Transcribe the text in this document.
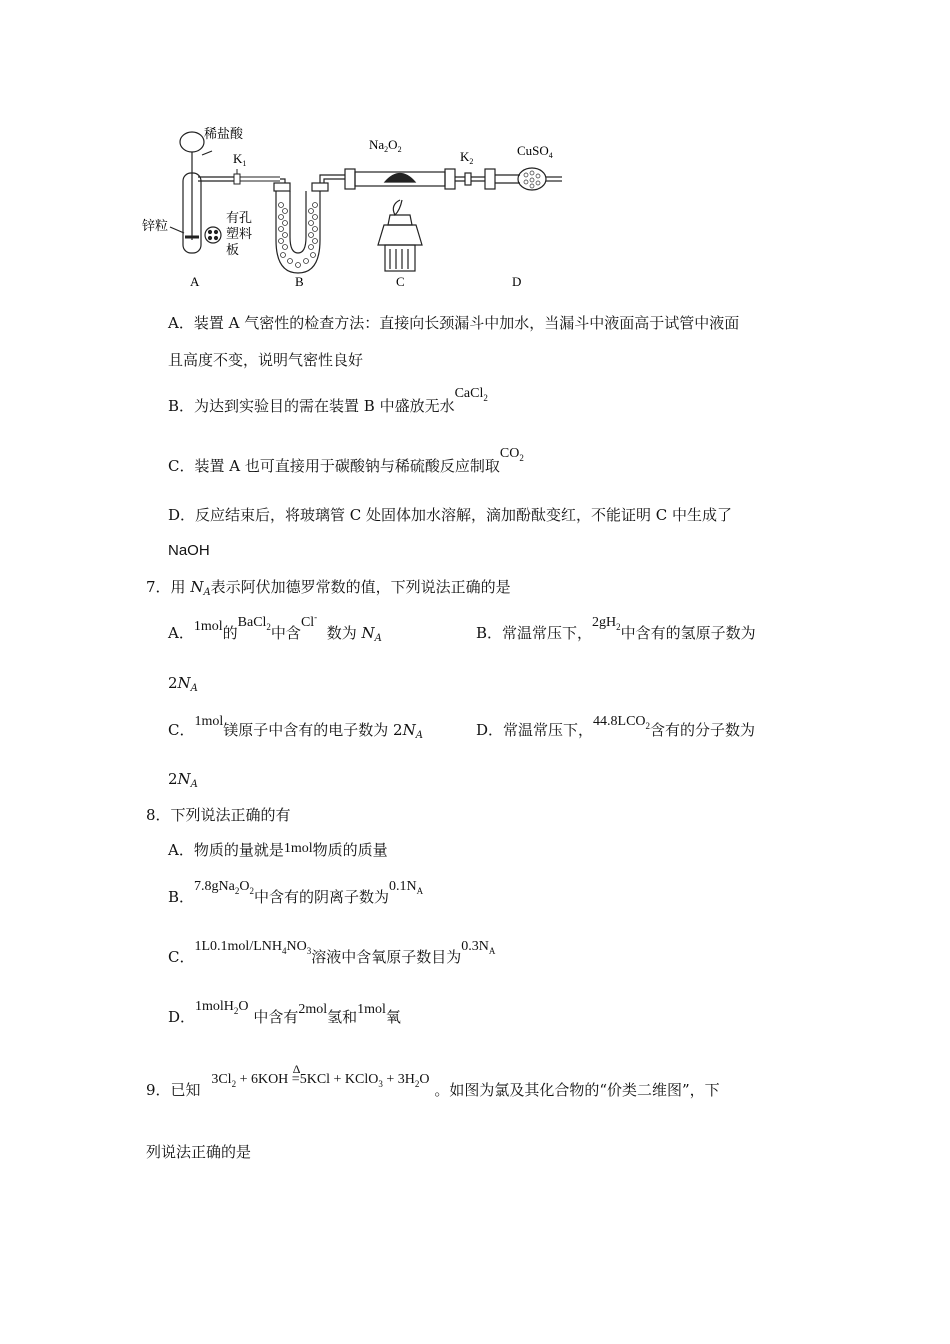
稀盐酸
$K_1$
锌粒
有孔
塑料
板
$Na_2O_2$	$K_2$
CuSO$_4$
A	B	C	D
A．装置 A 气密性的检查方法：直接向长颈漏斗中加水，当漏斗中液面高于试管中液面
且高度不变，说明气密性良好
B．为达到实验目的需在装置 B 中盛放无水CaCl$_2$
C．装置 A 也可直接用于碳酸钠与稀硫酸反应制取$CO_2$
D．反应结束后，将玻璃管 C 处固体加水溶解，滴加酚酞变红，不能证明 C 中生成了
NaOH
7．用 $N_A$表示阿伏加德罗常数的值，下列说法正确的是
A．1mol的BaCl$_2$中含Cl-  数为 $N_A$	B．常温常压下，$2gH_2$中含有的氢原子数为
$2N_A$
C．1mol镁原子中含有的电子数为 $2N_A$	D．常温常压下，$44.8LCO_2$含有的分子数为
$2N_A$
8．下列说法正确的有
A．物质的量就是1mol物质的质量
B．$7.8gNa_2O_2$中含有的阴离子数为$0.1N_A$
C．$1L0.1mol/LNH_4NO_3$溶液中含氧原子数目为$0.3N_A$
D．1molH$_2$O 中含有2mol氢和1mol氧
9．已知 $3Cl_2 + 6KOH$
Δ
=5KCl + KClO$_3$ + $3H_2O$ 。如图为氯及其化合物的“价类二维图”，下
列说法正确的是
